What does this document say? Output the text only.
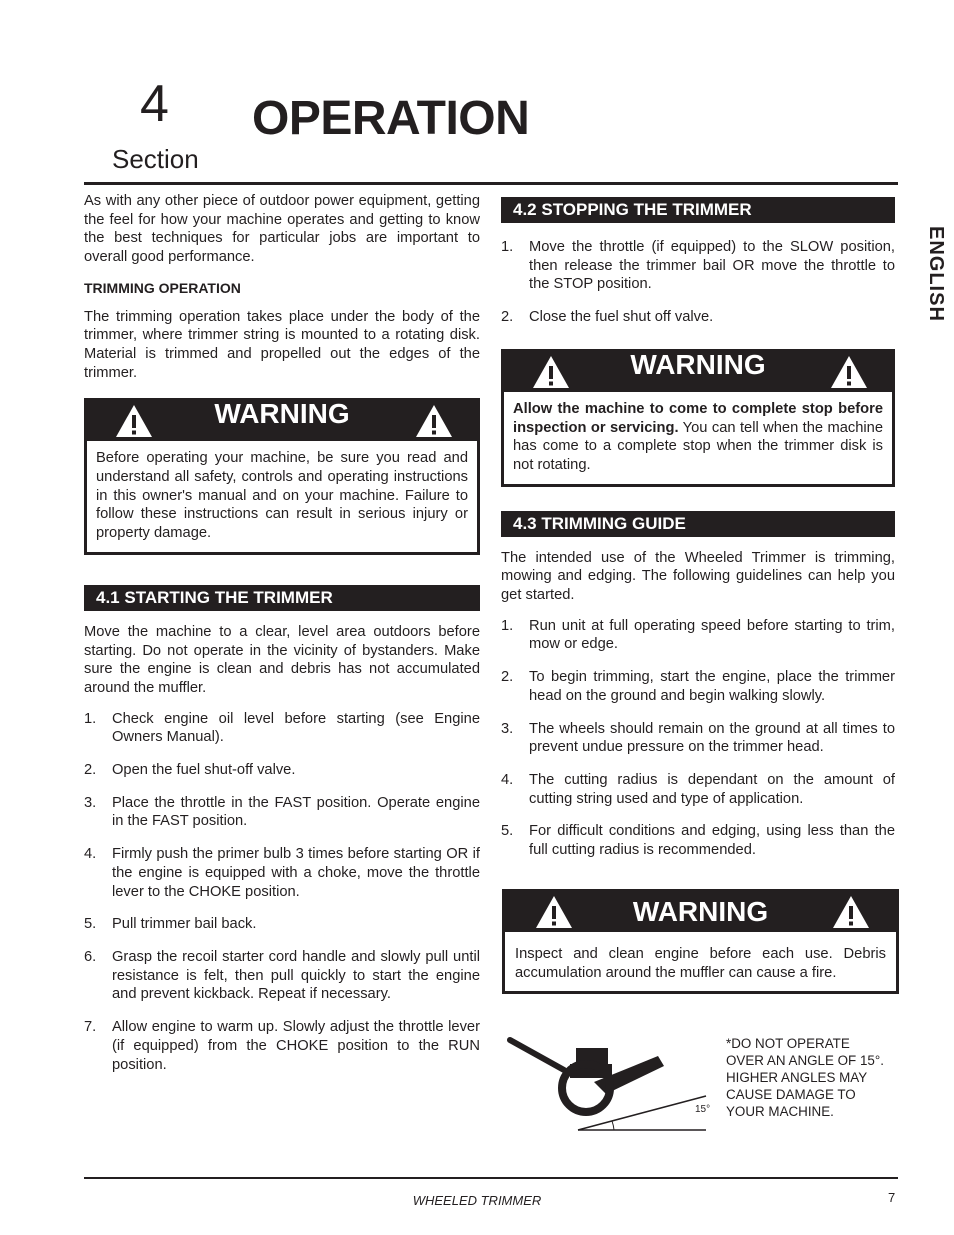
4 OPERATION
Section
ENGLISH

As with any other piece of outdoor power equipment, getting the feel for how your machine operates and getting to know the best techniques for particular jobs are important to overall good performance.

TRIMMING OPERATION

The trimming operation takes place under the body of the trimmer, where trimmer string is mounted to a rotating disk. Material is trimmed and propelled out the edges of the trimmer.

WARNING

Before operating your machine, be sure you read and understand all safety, controls and operating instructions in this owner's manual and on your machine. Failure to follow these instructions can result in serious injury or property damage.

4.1 STARTING THE TRIMMER

Move the machine to a clear, level area outdoors before starting. Do not operate in the vicinity of bystanders. Make sure the engine is clean and debris has not accumulated around the muffler.

1. Check engine oil level before starting (see Engine Owners Manual).
2. Open the fuel shut-off valve.
3. Place the throttle in the FAST position. Operate engine in the FAST position.
4. Firmly push the primer bulb 3 times before starting OR if the engine is equipped with a choke, move the throttle lever to the CHOKE position.
5. Pull trimmer bail back.
6. Grasp the recoil starter cord handle and slowly pull until resistance is felt, then pull quickly to start the engine and prevent kickback. Repeat if necessary.
7. Allow engine to warm up. Slowly adjust the throttle lever (if equipped) from the CHOKE position to the RUN position.
4.2 STOPPING THE TRIMMER
1. Move the throttle (if equipped) to the SLOW position, then release the trimmer bail OR move the throttle to the STOP position.
2. Close the fuel shut off valve.
WARNING

Allow the machine to come to complete stop before inspection or servicing. You can tell when the machine has come to a complete stop when the trimmer disk is not rotating.

4.3 TRIMMING GUIDE

The intended use of the Wheeled Trimmer is trimming, mowing and edging. The following guidelines can help you get started.

1. Run unit at full operating speed before starting to trim, mow or edge.
2. To begin trimming, start the engine, place the trimmer head on the ground and begin walking slowly.
3. The wheels should remain on the ground at all times to prevent undue pressure on the trimmer head.
4. The cutting radius is dependant on the amount of cutting string used and type of application.
5. For difficult conditions and edging, using less than the full cutting radius is recommended.
WARNING

Inspect and clean engine before each use. Debris accumulation around the muffler can cause a fire.

15°
*DO NOT OPERATE
OVER AN ANGLE OF 15°.
HIGHER ANGLES MAY
CAUSE DAMAGE TO
YOUR MACHINE.
WHEELED TRIMMER	7
